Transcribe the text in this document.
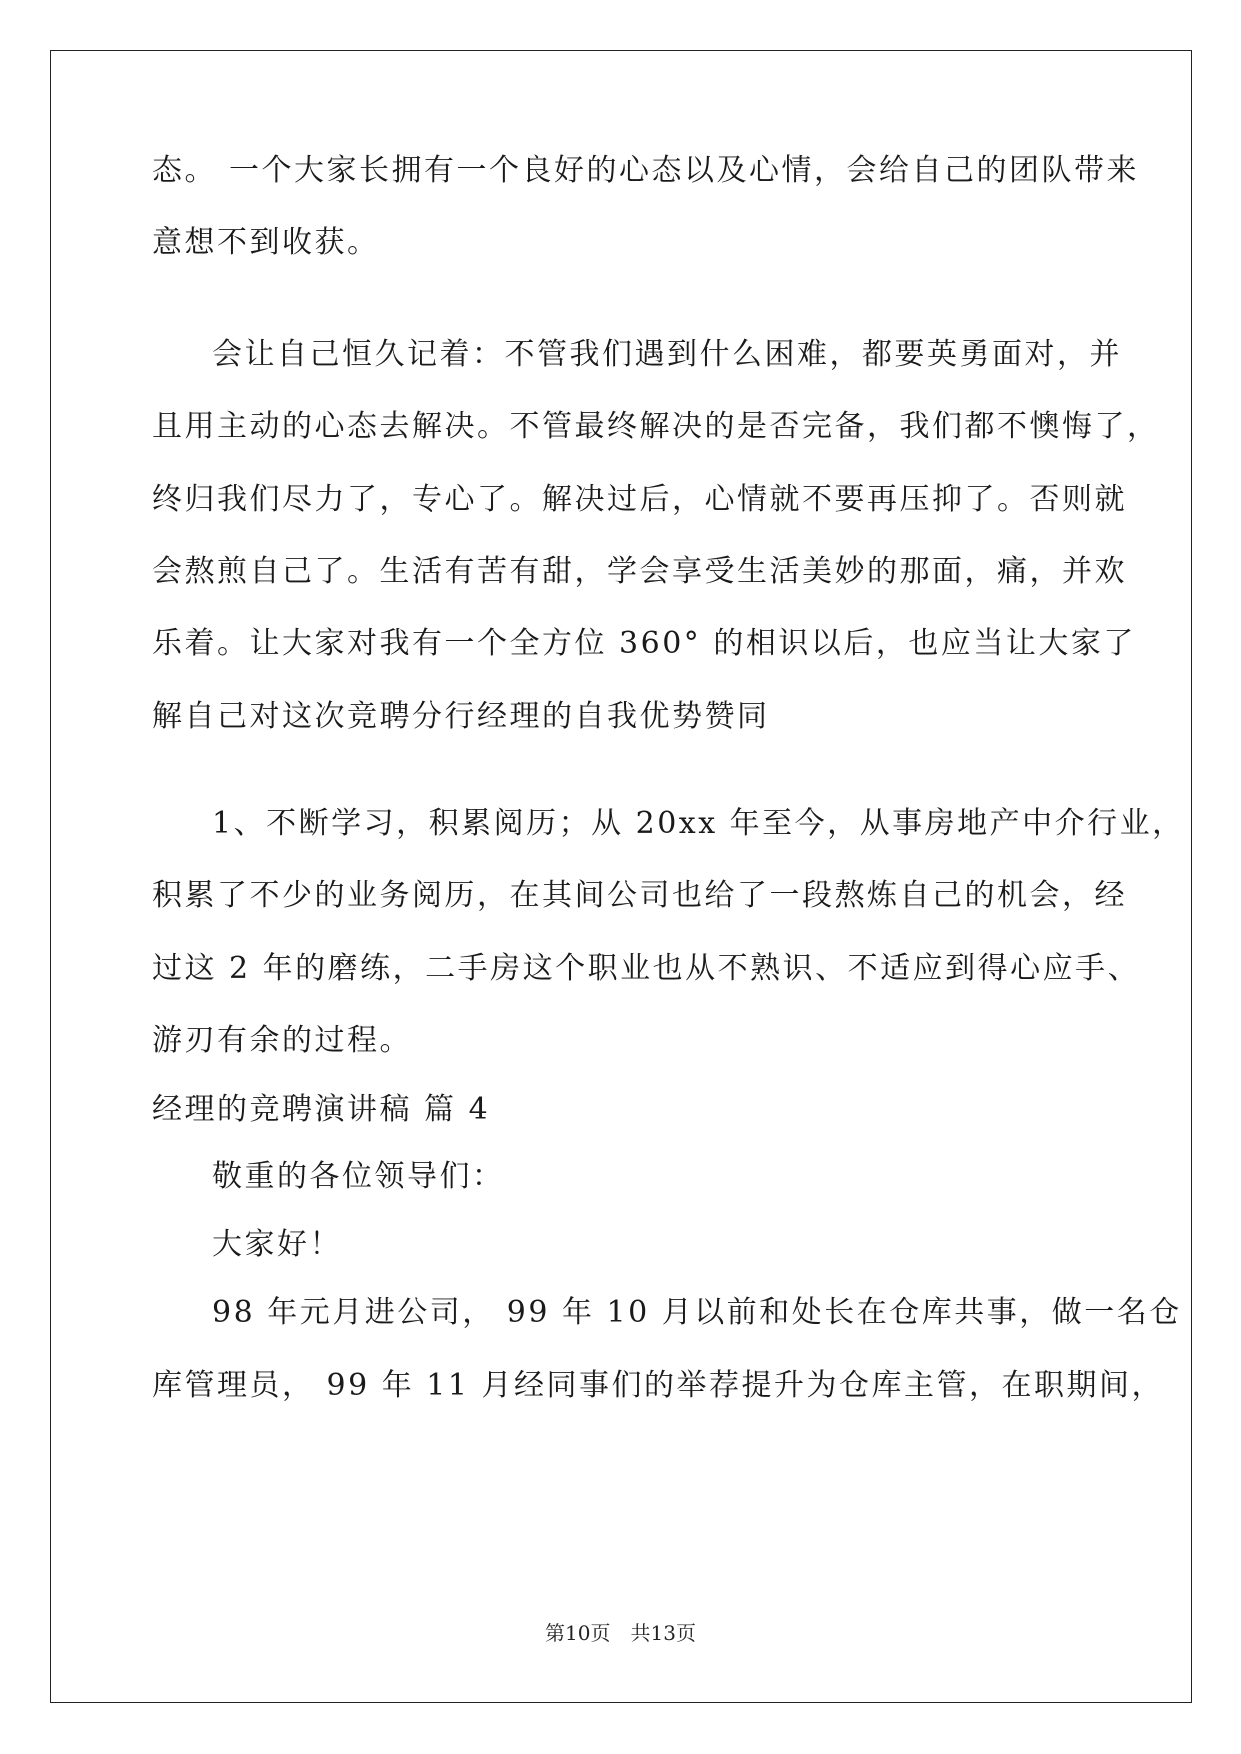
态。 一个大家长拥有一个良好的心态以及心情，会给自己的团队带来
意想不到收获。
会让自己恒久记着：不管我们遇到什么困难，都要英勇面对，并
且用主动的心态去解决。不管最终解决的是否完备，我们都不懊悔了，
终归我们尽力了，专心了。解决过后，心情就不要再压抑了。否则就
会熬煎自己了。生活有苦有甜，学会享受生活美妙的那面，痛，并欢
乐着。让大家对我有一个全方位 360° 的相识以后，也应当让大家了
解自己对这次竞聘分行经理的自我优势赞同
1、不断学习，积累阅历；从 20xx 年至今，从事房地产中介行业，
积累了不少的业务阅历，在其间公司也给了一段熬炼自己的机会，经
过这 2 年的磨练，二手房这个职业也从不熟识、不适应到得心应手、
游刃有余的过程。
经理的竞聘演讲稿 篇 4
敬重的各位领导们：
大家好！
98 年元月进公司， 99 年 10 月以前和处长在仓库共事，做一名仓
库管理员， 99 年 11 月经同事们的举荐提升为仓库主管，在职期间，
第10页　共13页
